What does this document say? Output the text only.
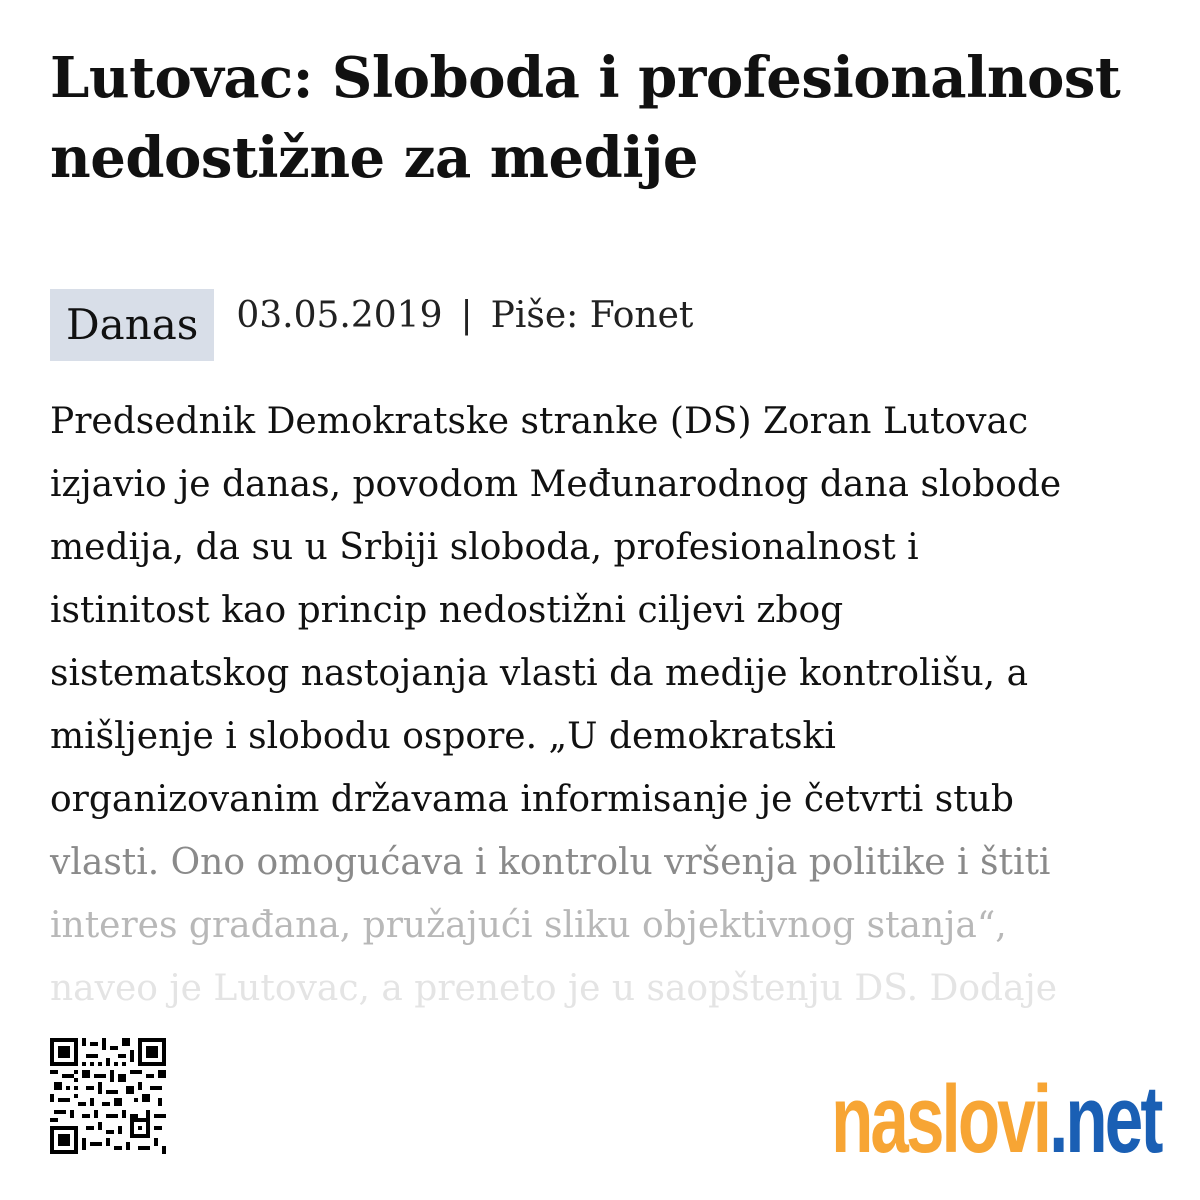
Lutovac: Sloboda i profesionalnost nedostižne za medije
Danas	03.05.2019 | Piše: Fonet

Predsednik Demokratske stranke (DS) Zoran Lutovac
izjavio je danas, povodom Međunarodnog dana slobode
medija, da su u Srbiji sloboda, profesionalnost i
istinitost kao princip nedostižni ciljevi zbog
sistematskog nastojanja vlasti da medije kontrolišu, a
mišljenje i slobodu ospore. „U demokratski
organizovanim državama informisanje je četvrti stub
vlasti. Ono omogućava i kontrolu vršenja politike i štiti
interes građana, pružajući sliku objektivnog stanja“,
naveo je Lutovac, a preneto je u saopštenju DS. Dodaje

naslovi.net
